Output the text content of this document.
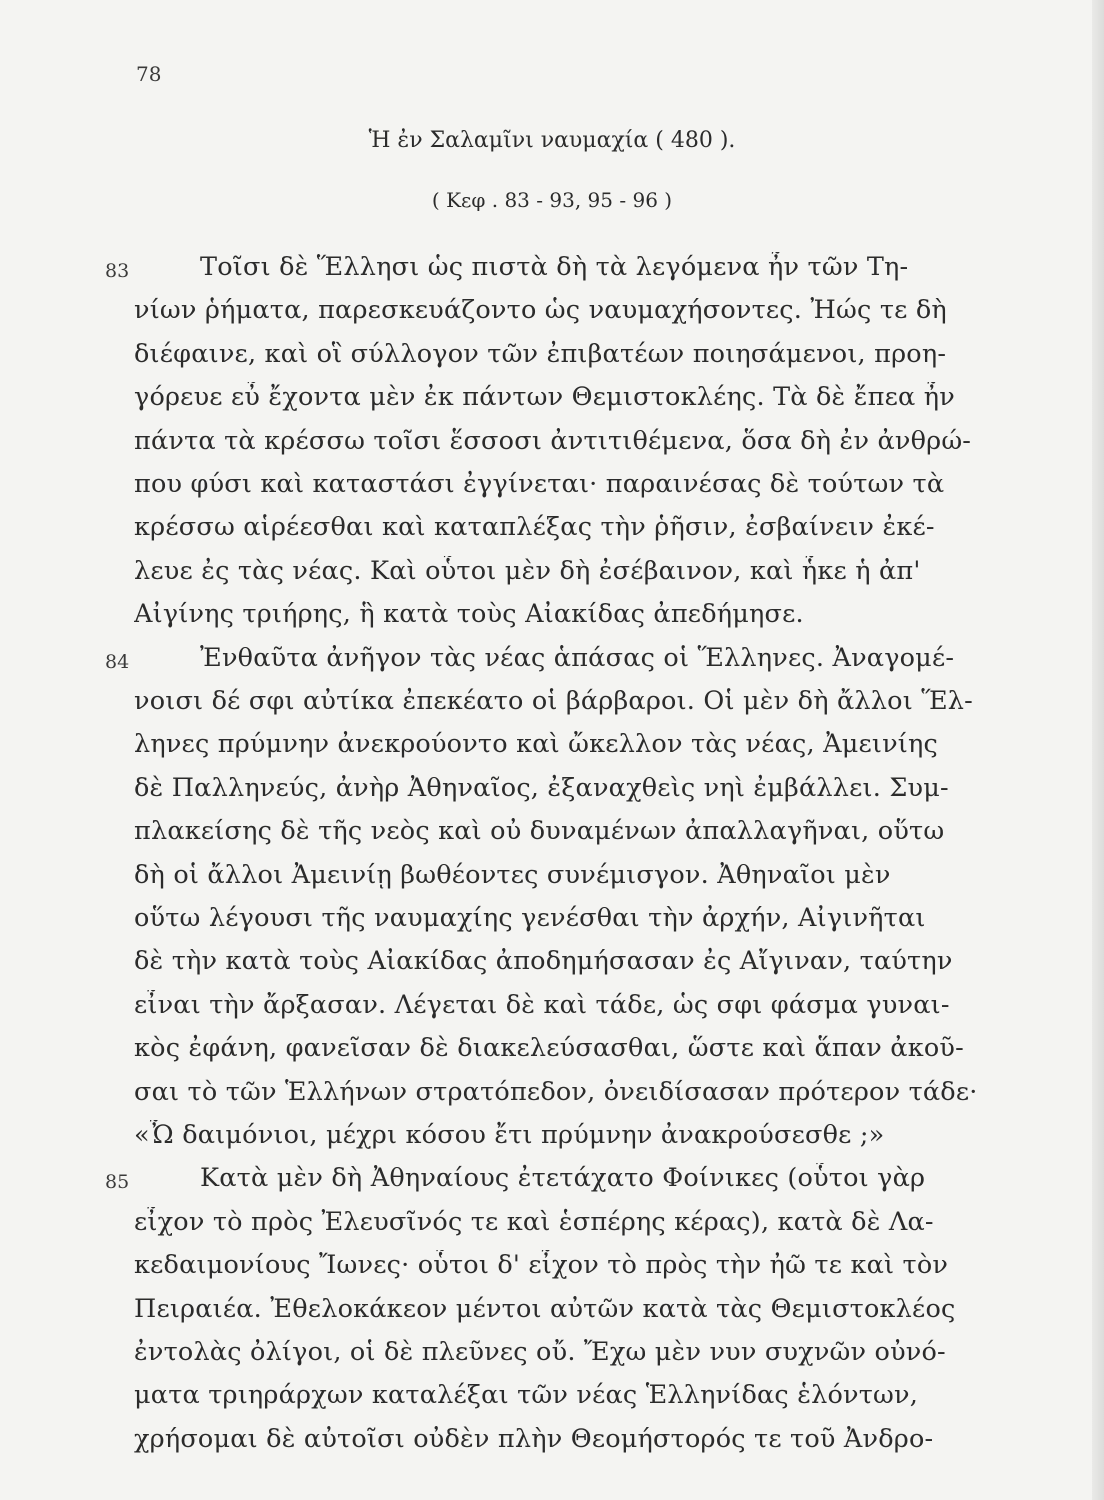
78
Ἡ ἐν Σαλαμῖνι ναυμαχία ( 480 ).
( Κεφ . 83 - 93, 95 - 96 )
83	Τοῖσι δὲ Ἕλλησι ὡς πιστὰ δὴ τὰ λεγόμενα ἦν τῶν Τη-
νίων ῥήματα, παρεσκευάζοντο ὡς ναυμαχήσοντες. Ἠώς τε δὴ
διέφαινε, καὶ οἳ σύλλογον τῶν ἐπιβατέων ποιησάμενοι, προη-
γόρευε εὖ ἔχοντα μὲν ἐκ πάντων Θεμιστοκλέης. Τὰ δὲ ἔπεα ἦν
πάντα τὰ κρέσσω τοῖσι ἕσσοσι ἀντιτιθέμενα, ὅσα δὴ ἐν ἀνθρώ-
που φύσι καὶ καταστάσι ἐγγίνεται· παραινέσας δὲ τούτων τὰ
κρέσσω αἱρέεσθαι καὶ καταπλέξας τὴν ῥῆσιν, ἐσβαίνειν ἐκέ-
λευε ἐς τὰς νέας. Καὶ οὗτοι μὲν δὴ ἐσέβαινον, καὶ ἧκε ἡ ἀπ'
Αἰγίνης τριήρης, ἣ κατὰ τοὺς Αἰακίδας ἀπεδήμησε.
84	Ἐνθαῦτα ἀνῆγον τὰς νέας ἁπάσας οἱ Ἕλληνες. Ἀναγομέ-
νοισι δέ σφι αὐτίκα ἐπεκέατο οἱ βάρβαροι. Οἱ μὲν δὴ ἄλλοι Ἕλ-
ληνες πρύμνην ἀνεκρούοντο καὶ ὤκελλον τὰς νέας, Ἀμεινίης
δὲ Παλληνεύς, ἀνὴρ Ἀθηναῖος, ἐξαναχθεὶς νηὶ ἐμβάλλει. Συμ-
πλακείσης δὲ τῆς νεὸς καὶ οὐ δυναμένων ἀπαλλαγῆναι, οὕτω
δὴ οἱ ἄλλοι Ἀμεινίῃ βωθέοντες συνέμισγον. Ἀθηναῖοι μὲν
οὕτω λέγουσι τῆς ναυμαχίης γενέσθαι τὴν ἀρχήν, Αἰγινῆται
δὲ τὴν κατὰ τοὺς Αἰακίδας ἀποδημήσασαν ἐς Αἴγιναν, ταύτην
εἶναι τὴν ἄρξασαν. Λέγεται δὲ καὶ τάδε, ὡς σφι φάσμα γυναι-
κὸς ἐφάνη, φανεῖσαν δὲ διακελεύσασθαι, ὥστε καὶ ἅπαν ἀκοῦ-
σαι τὸ τῶν Ἑλλήνων στρατόπεδον, ὀνειδίσασαν πρότερον τάδε·
«Ὦ δαιμόνιοι, μέχρι κόσου ἔτι πρύμνην ἀνακρούσεσθε ;»
85	Κατὰ μὲν δὴ Ἀθηναίους ἐτετάχατο Φοίνικες (οὗτοι γὰρ
εἶχον τὸ πρὸς Ἐλευσῖνός τε καὶ ἑσπέρης κέρας), κατὰ δὲ Λα-
κεδαιμονίους Ἴωνες· οὗτοι δ' εἶχον τὸ πρὸς τὴν ἠῶ τε καὶ τὸν
Πειραιέα. Ἐθελοκάκεον μέντοι αὐτῶν κατὰ τὰς Θεμιστοκλέος
ἐντολὰς ὀλίγοι, οἱ δὲ πλεῦνες οὔ. Ἔχω μὲν νυν συχνῶν οὐνό-
ματα τριηράρχων καταλέξαι τῶν νέας Ἑλληνίδας ἑλόντων,
χρήσομαι δὲ αὐτοῖσι οὐδὲν πλὴν Θεομήστορός τε τοῦ Ἀνδρο-
